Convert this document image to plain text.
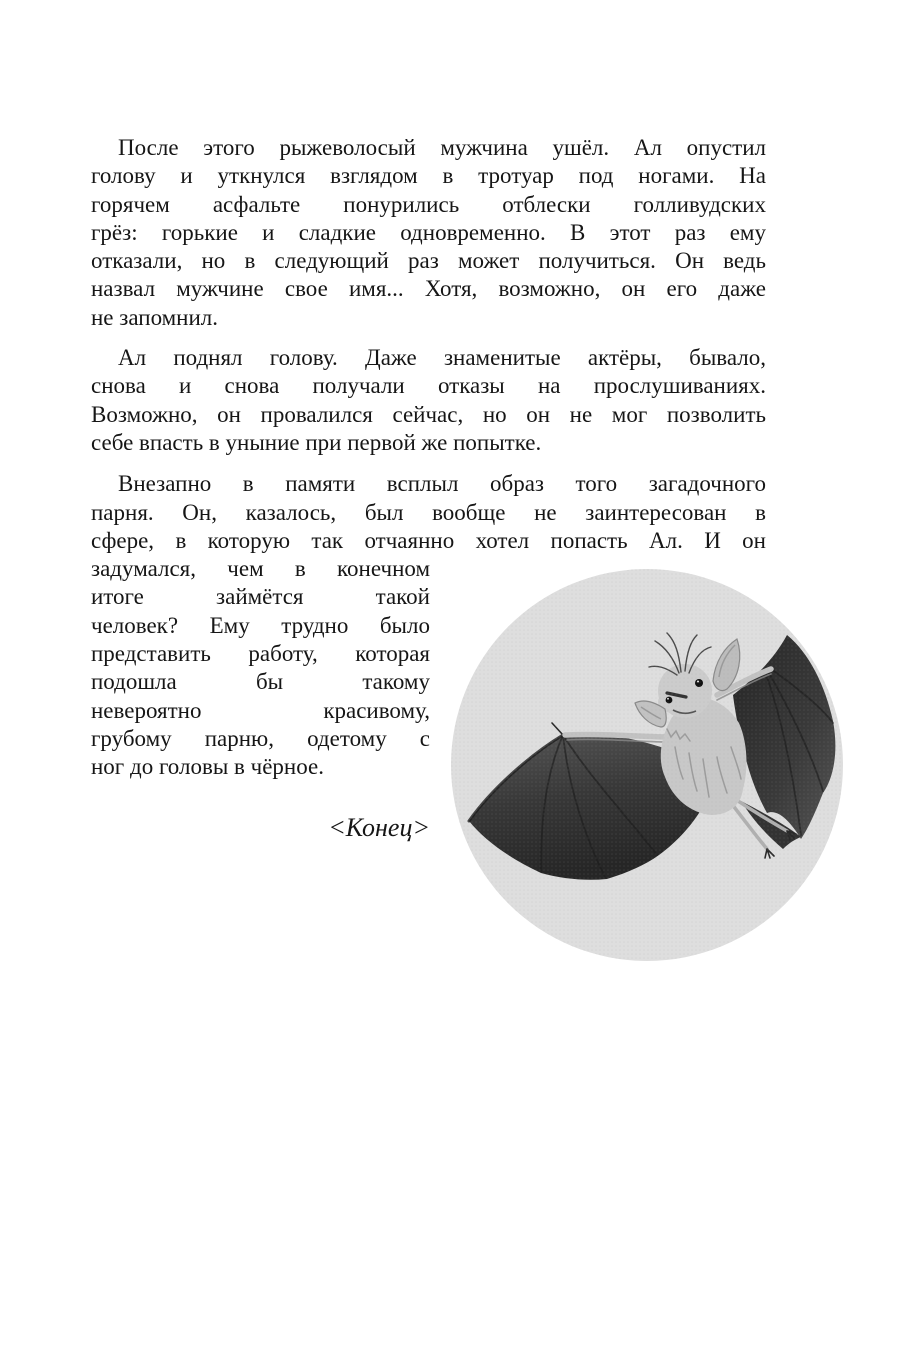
После этого рыжеволосый мужчина ушёл. Ал опустил
голову и уткнулся взглядом в тротуар под ногами. На
горячем асфальте понурились отблески голливудских
грёз: горькие и сладкие одновременно. В этот раз ему
отказали, но в следующий раз может получиться. Он ведь
назвал мужчине свое имя... Хотя, возможно, он его даже
не запомнил.
Ал поднял голову. Даже знаменитые актёры, бывало,
снова и снова получали отказы на прослушиваниях.
Возможно, он провалился сейчас, но он не мог позволить
себе впасть в уныние при первой же попытке.
Внезапно в памяти всплыл образ того загадочного
парня. Он, казалось, был вообще не заинтересован в
сфере, в которую так отчаянно хотел попасть Ал. И он
задумался, чем в конечном
итоге займётся такой
человек? Ему трудно было
представить работу, которая
подошла бы такому
невероятно красивому,
грубому парню, одетому с
ног до головы в чёрное.
<Конец>
